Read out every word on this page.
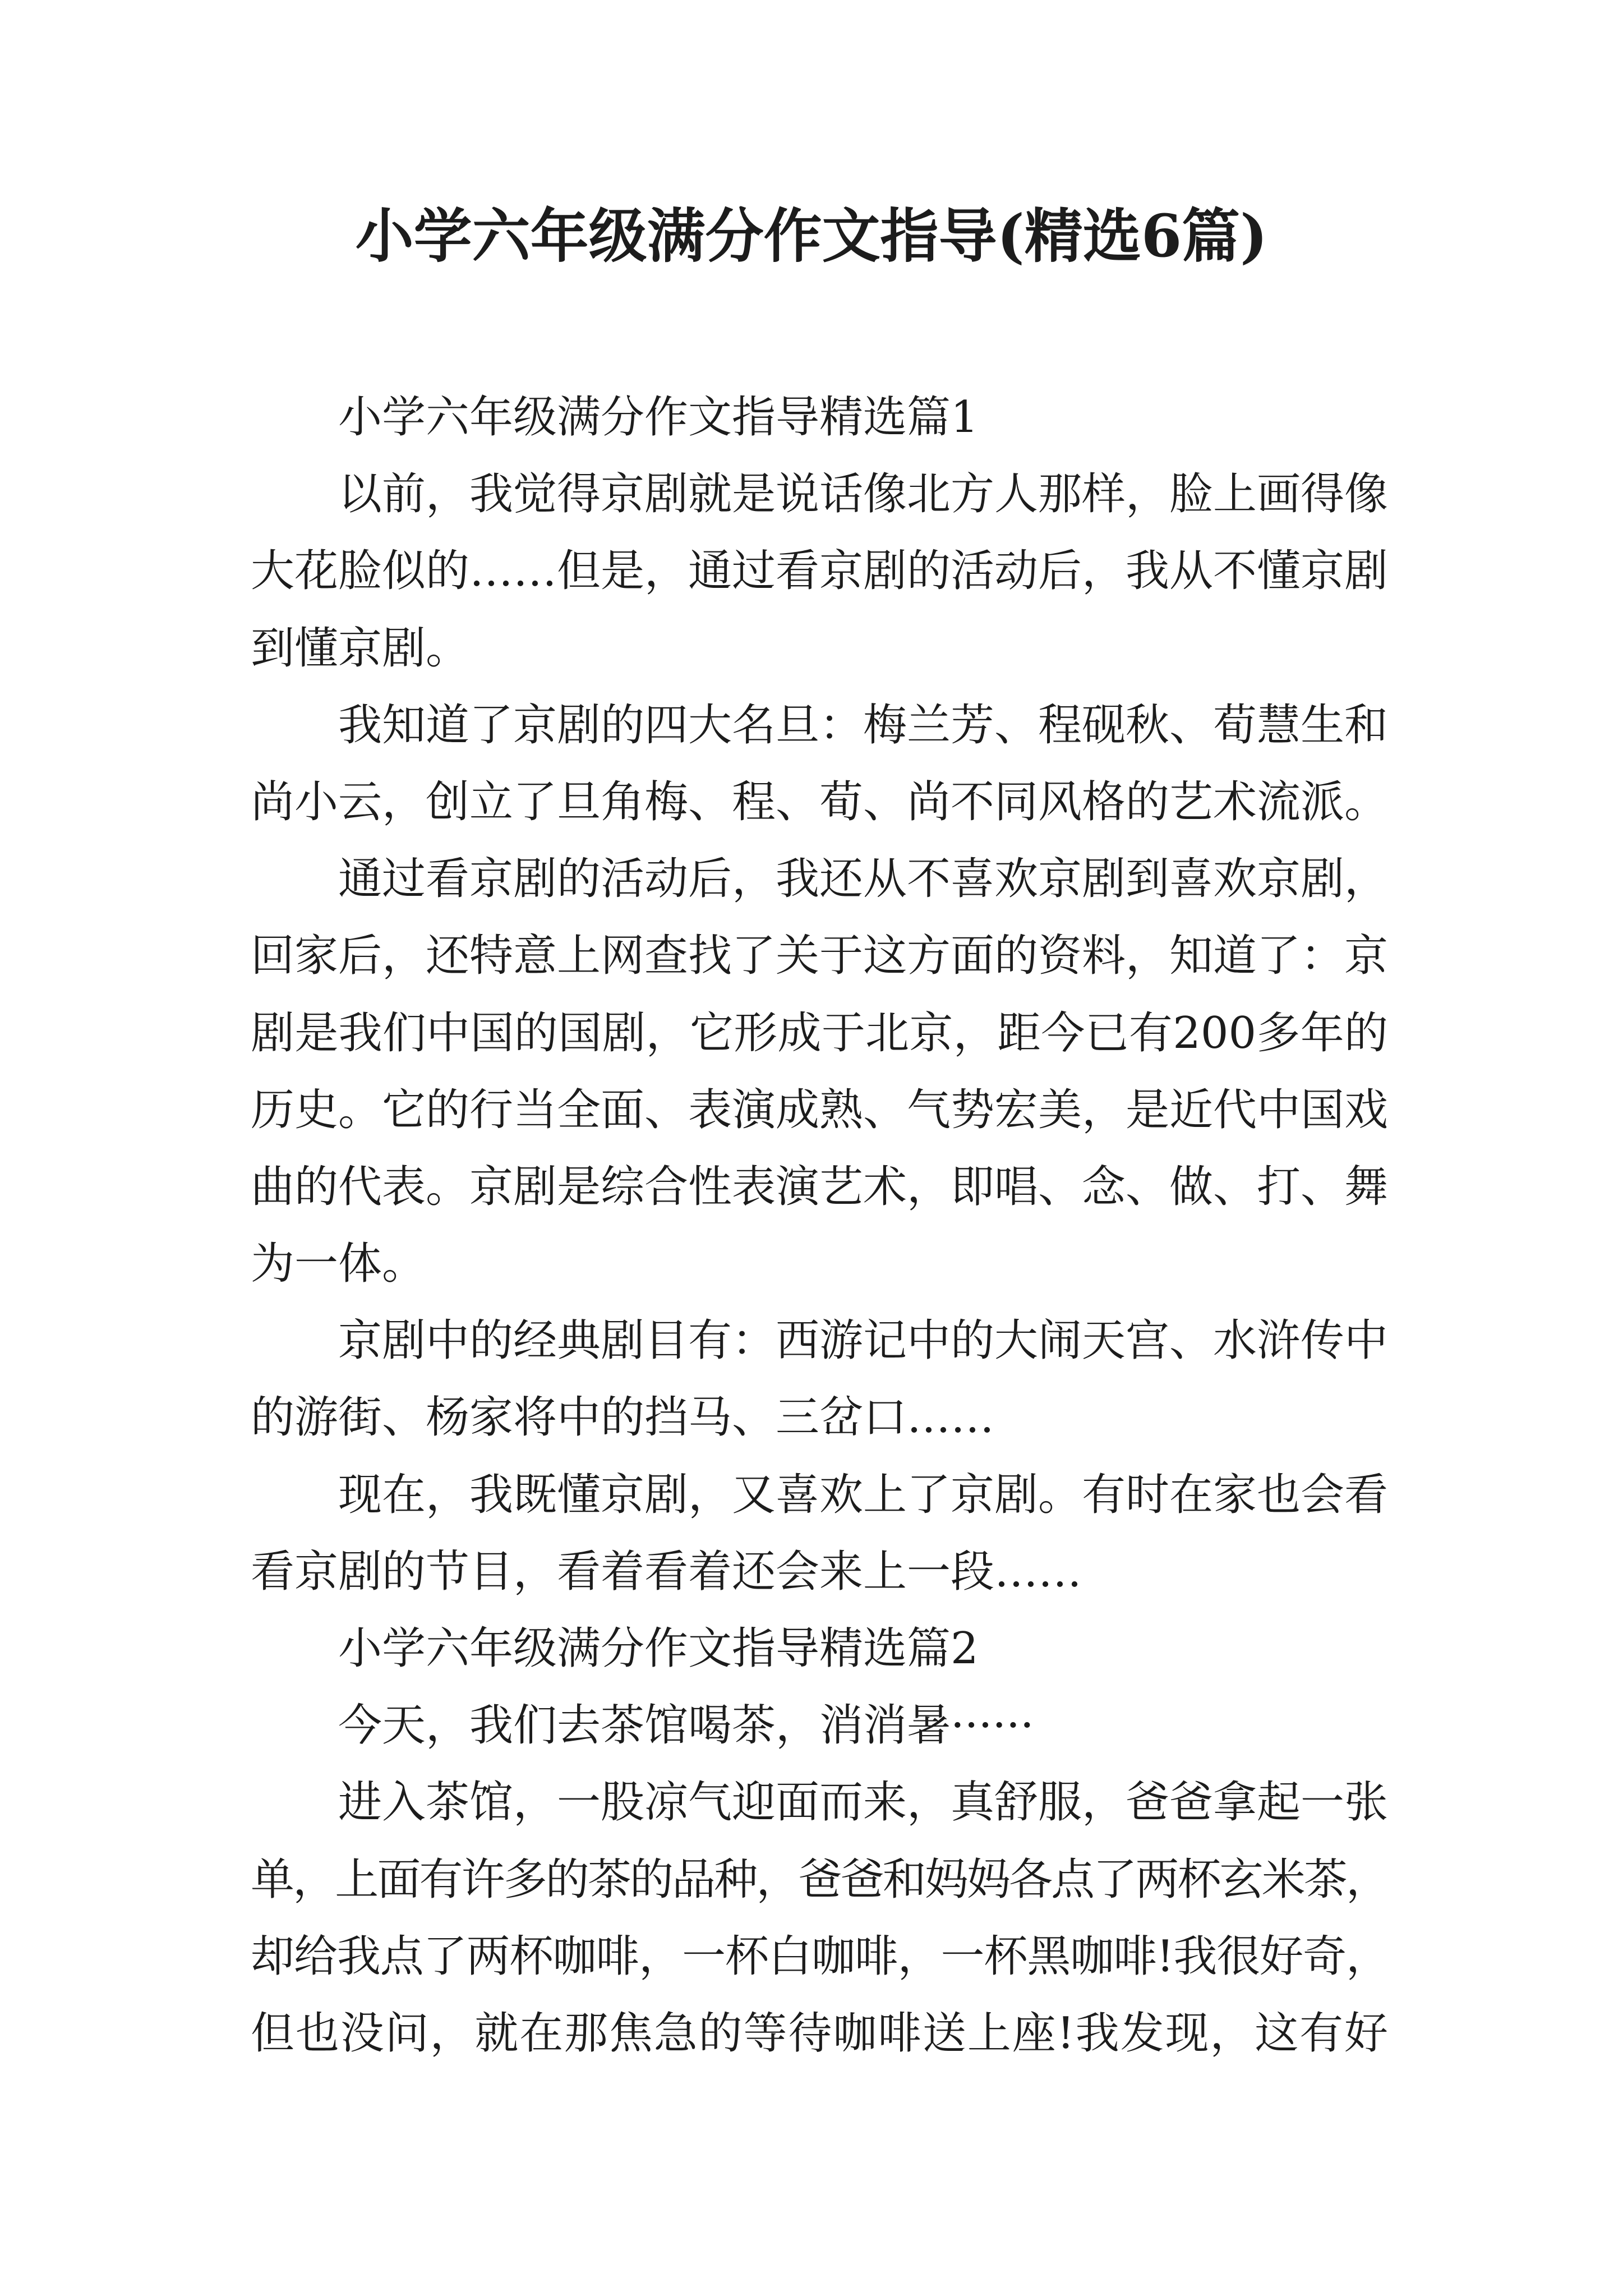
小学六年级满分作文指导(精选6篇)
小学六年级满分作文指导精选篇1
以前，我觉得京剧就是说话像北方人那样，脸上画得像
大花脸似的……但是，通过看京剧的活动后，我从不懂京剧
到懂京剧。
我知道了京剧的四大名旦：梅兰芳、程砚秋、荀慧生和
尚小云，创立了旦角梅、程、荀、尚不同风格的艺术流派。
通过看京剧的活动后，我还从不喜欢京剧到喜欢京剧，
回家后，还特意上网查找了关于这方面的资料，知道了：京
剧是我们中国的国剧，它形成于北京，距今已有200多年的
历史。它的行当全面、表演成熟、气势宏美，是近代中国戏
曲的代表。京剧是综合性表演艺术，即唱、念、做、打、舞
为一体。
京剧中的经典剧目有：西游记中的大闹天宫、水浒传中
的游街、杨家将中的挡马、三岔口……
现在，我既懂京剧，又喜欢上了京剧。有时在家也会看
看京剧的节目，看着看着还会来上一段……
小学六年级满分作文指导精选篇2
今天，我们去茶馆喝茶，消消暑······
进入茶馆，一股凉气迎面而来，真舒服，爸爸拿起一张
单，上面有许多的茶的品种，爸爸和妈妈各点了两杯玄米茶，
却给我点了两杯咖啡，一杯白咖啡，一杯黑咖啡!我很好奇，
但也没问，就在那焦急的等待咖啡送上座!我发现，这有好
